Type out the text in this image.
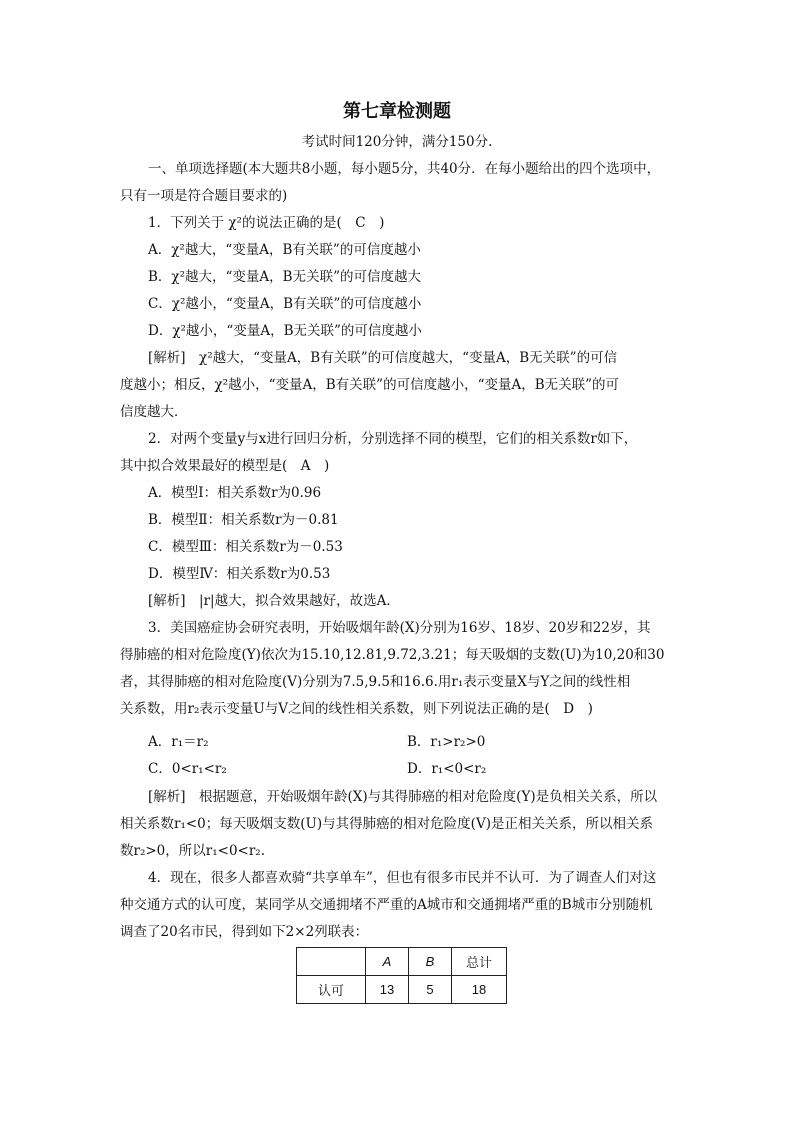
第七章检测题
考试时间120分钟，满分150分.
一、单项选择题(本大题共8小题，每小题5分，共40分．在每小题给出的四个选项中，
只有一项是符合题目要求的)
1．下列关于 χ²的说法正确的是(　C　)
A．χ²越大，“变量A，B有关联”的可信度越小
B．χ²越大，“变量A，B无关联”的可信度越大
C．χ²越小，“变量A，B有关联”的可信度越小
D．χ²越小，“变量A，B无关联”的可信度越小
[解析]　χ²越大，“变量A，B有关联”的可信度越大，“变量A，B无关联”的可信
度越小；相反，χ²越小，“变量A，B有关联”的可信度越小，“变量A，B无关联”的可
信度越大．
2．对两个变量y与x进行回归分析，分别选择不同的模型，它们的相关系数r如下，
其中拟合效果最好的模型是(　A　)
A．模型Ⅰ：相关系数r为0.96
B．模型Ⅱ：相关系数r为－0.81
C．模型Ⅲ：相关系数r为－0.53
D．模型Ⅳ：相关系数r为0.53
[解析]　|r|越大，拟合效果越好，故选A．
3．美国癌症协会研究表明，开始吸烟年龄(X)分别为16岁、18岁、20岁和22岁，其
得肺癌的相对危险度(Y)依次为15.10,12.81,9.72,3.21；每天吸烟的支数(U)为10,20和30
者，其得肺癌的相对危险度(V)分别为7.5,9.5和16.6.用r₁表示变量X与Y之间的线性相
关系数，用r₂表示变量U与V之间的线性相关系数，则下列说法正确的是(　D　)
A．r₁＝r₂	B．r₁>r₂>0
C．0<r₁<r₂	D．r₁<0<r₂
[解析]　根据题意，开始吸烟年龄(X)与其得肺癌的相对危险度(Y)是负相关关系，所以
相关系数r₁<0；每天吸烟支数(U)与其得肺癌的相对危险度(V)是正相关关系，所以相关系
数r₂>0，所以r₁<0<r₂.
4．现在，很多人都喜欢骑“共享单车”，但也有很多市民并不认可．为了调查人们对这
种交通方式的认可度，某同学从交通拥堵不严重的A城市和交通拥堵严重的B城市分别随机
调查了20名市民，得到如下2×2列联表：
	A	B	总计
认可	13	5	18
